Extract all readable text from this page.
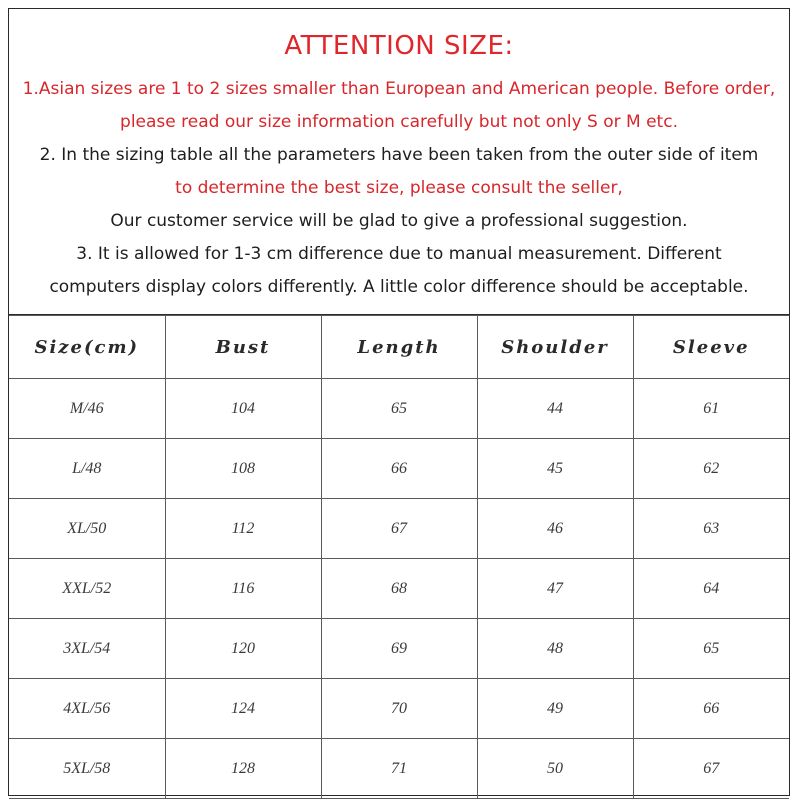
ATTENTION SIZE:
1.Asian sizes are 1 to 2 sizes smaller than European and American people. Before order,
please read our size information carefully but not only S or M etc.
2. In the sizing table all the parameters have been taken from the outer side of item
to determine the best size, please consult the seller,
Our customer service will be glad to give a professional suggestion.
3. It is allowed for 1-3 cm difference due to manual measurement. Different
computers display colors differently. A little color difference should be acceptable.
Size(cm)	Bust	Length	Shoulder	Sleeve
M/46	104	65	44	61
L/48	108	66	45	62
XL/50	112	67	46	63
XXL/52	116	68	47	64
3XL/54	120	69	48	65
4XL/56	124	70	49	66
5XL/58	128	71	50	67
